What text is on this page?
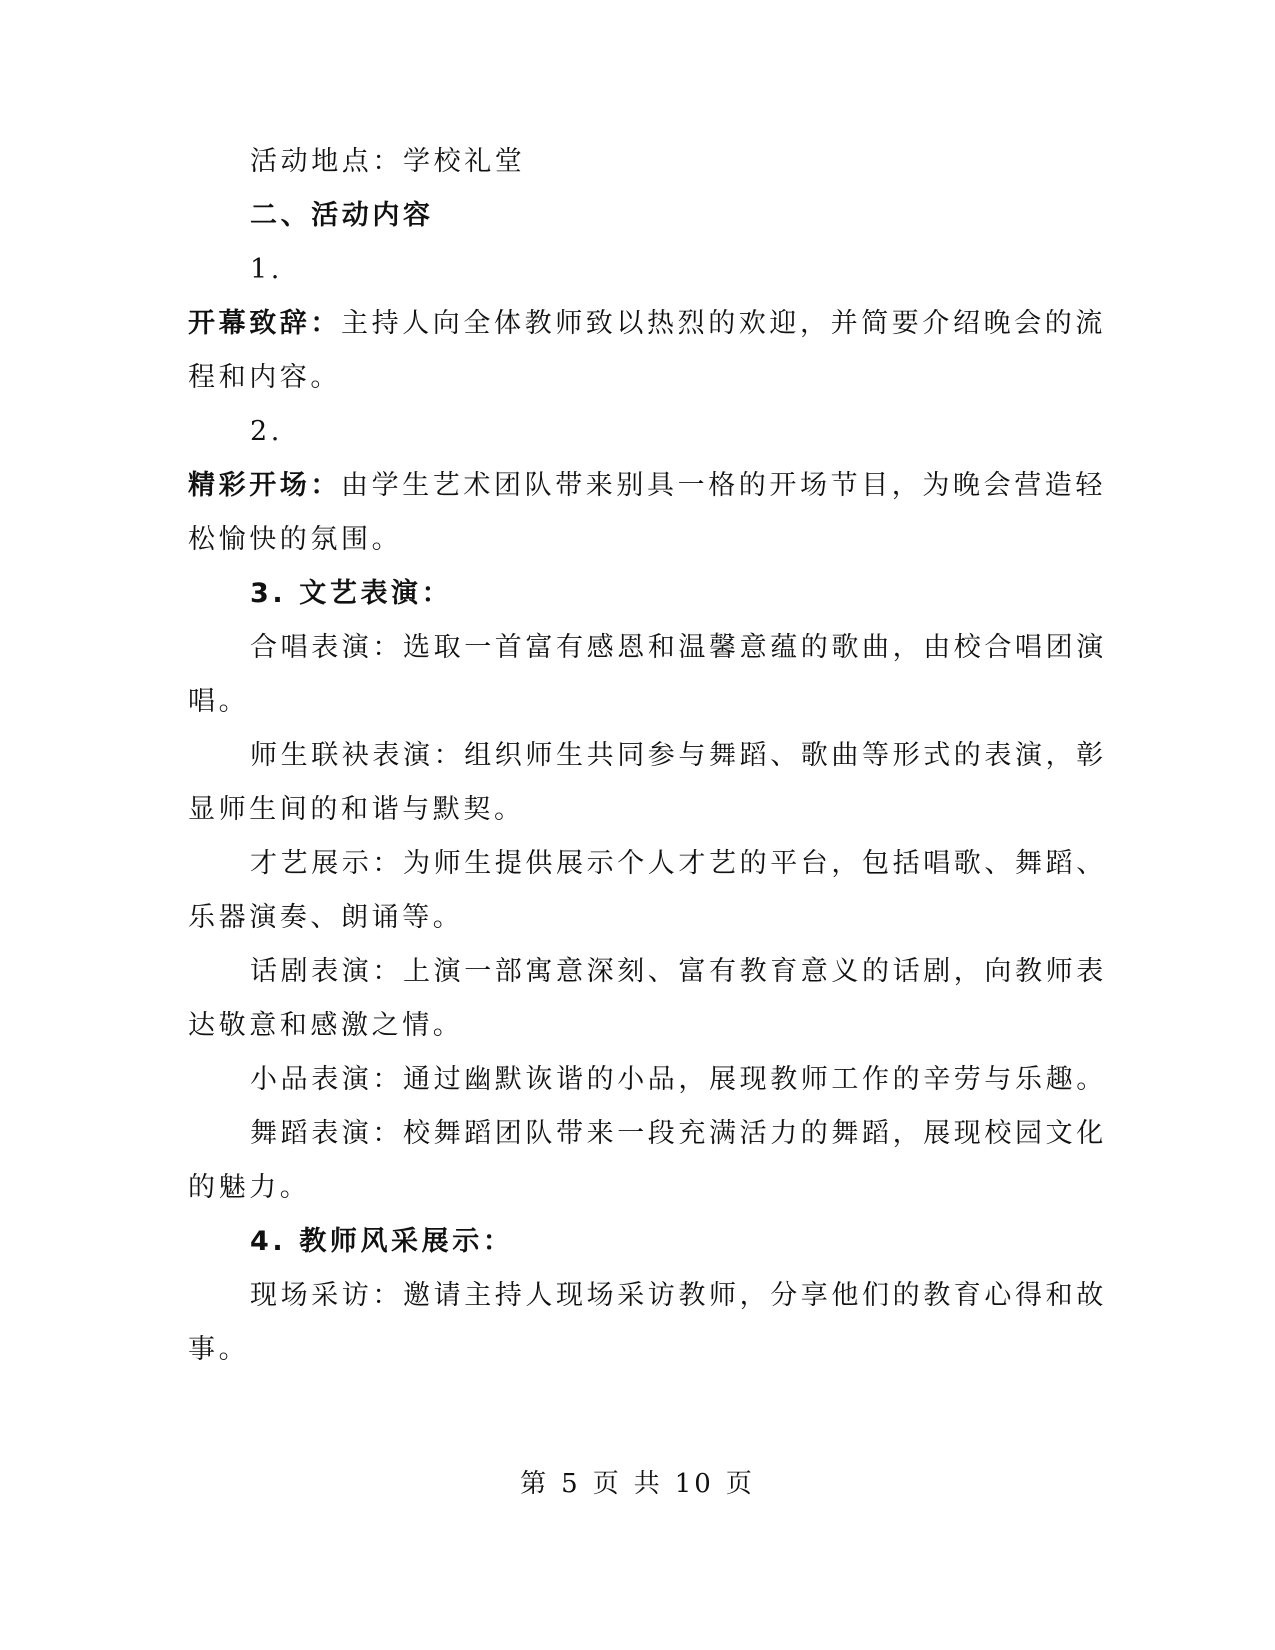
活动地点：学校礼堂
二、活动内容
1.
开幕致辞：主持人向全体教师致以热烈的欢迎，并简要介绍晚会的流
程和内容。
2.
精彩开场：由学生艺术团队带来别具一格的开场节目，为晚会营造轻
松愉快的氛围。
3. 文艺表演：
合唱表演：选取一首富有感恩和温馨意蕴的歌曲，由校合唱团演
唱。
师生联袂表演：组织师生共同参与舞蹈、歌曲等形式的表演，彰
显师生间的和谐与默契。
才艺展示：为师生提供展示个人才艺的平台，包括唱歌、舞蹈、
乐器演奏、朗诵等。
话剧表演：上演一部寓意深刻、富有教育意义的话剧，向教师表
达敬意和感激之情。
小品表演：通过幽默诙谐的小品，展现教师工作的辛劳与乐趣。
舞蹈表演：校舞蹈团队带来一段充满活力的舞蹈，展现校园文化
的魅力。
4. 教师风采展示：
现场采访：邀请主持人现场采访教师，分享他们的教育心得和故
事。
第 5 页 共 10 页
